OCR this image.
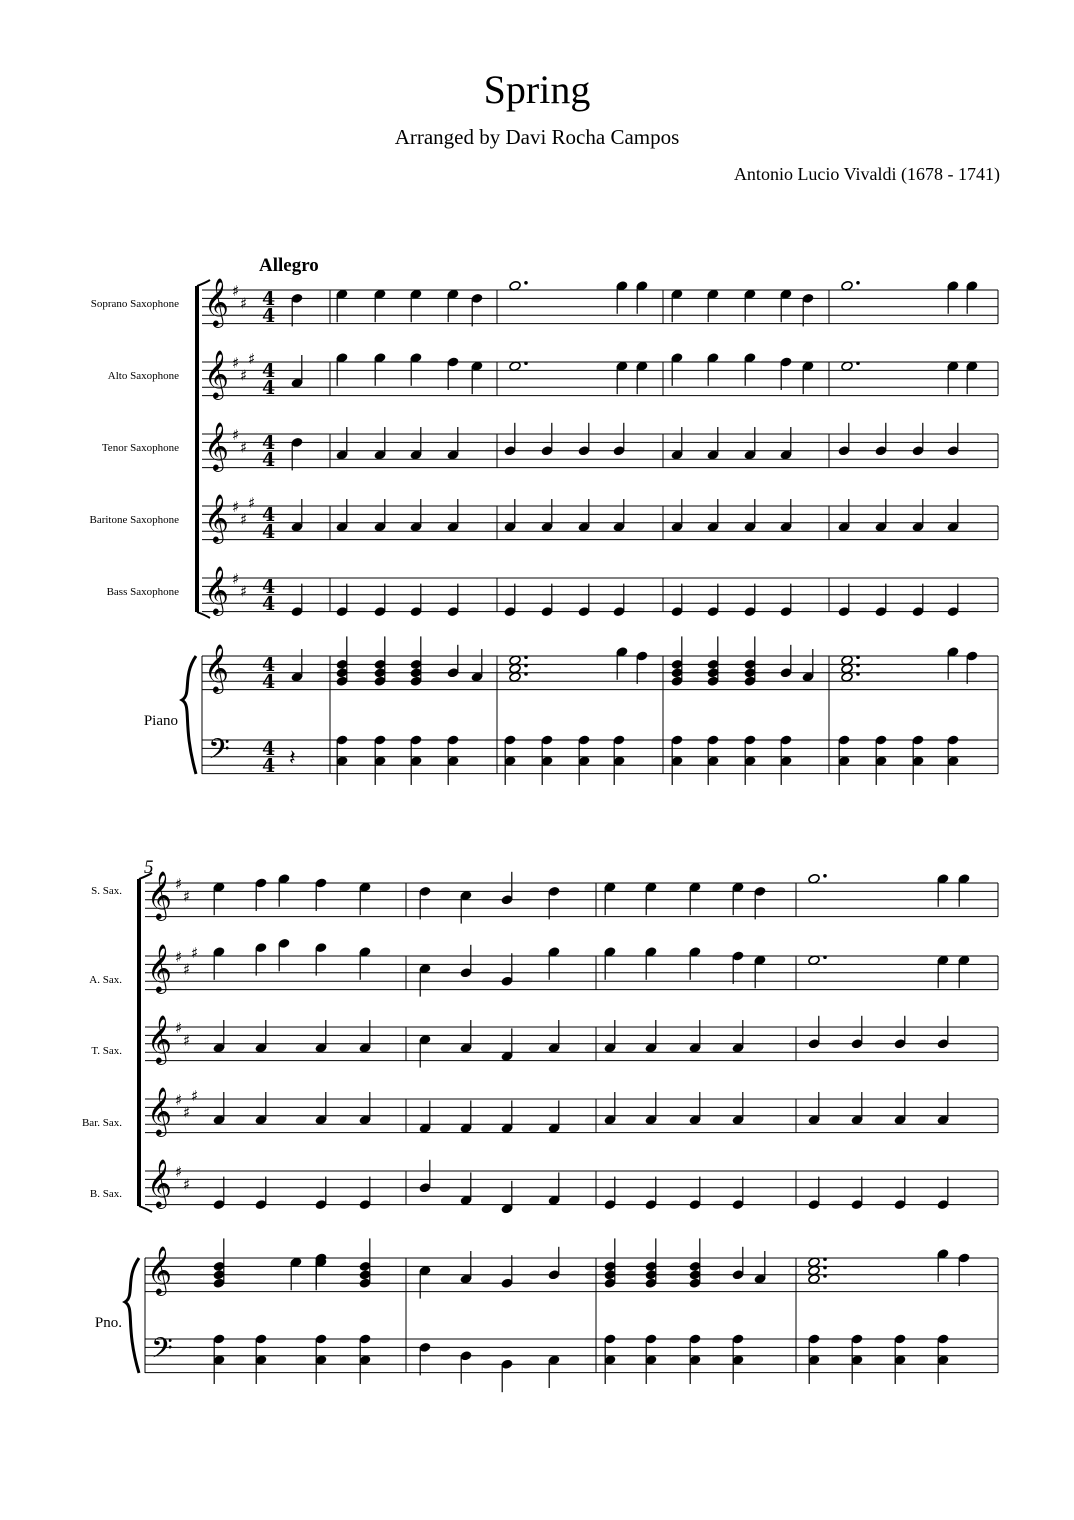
Spring
Arranged by Davi Rocha Campos
Antonio Lucio Vivaldi (1678 - 1741)
Allegro
5
Soprano Saxophone
Alto Saxophone
Tenor Saxophone
Baritone Saxophone
Bass Saxophone
Piano
𝄞 ♯
♯ 4
4
𝄞 ♯
♯
♯
4
4
𝄞 ♯
♯ 4
4
𝄞 ♯
♯
♯
4
4
𝄞 ♯
♯ 4
4
𝄞 4
4
𝄢 4
4 𝄽
S. Sax.
A. Sax.
T. Sax.
Bar. Sax.
B. Sax.
Pno.
𝄞 ♯
♯
𝄞 ♯
♯
♯
𝄞 ♯
♯
𝄞 ♯
♯
♯
𝄞 ♯
♯
𝄞
𝄢
